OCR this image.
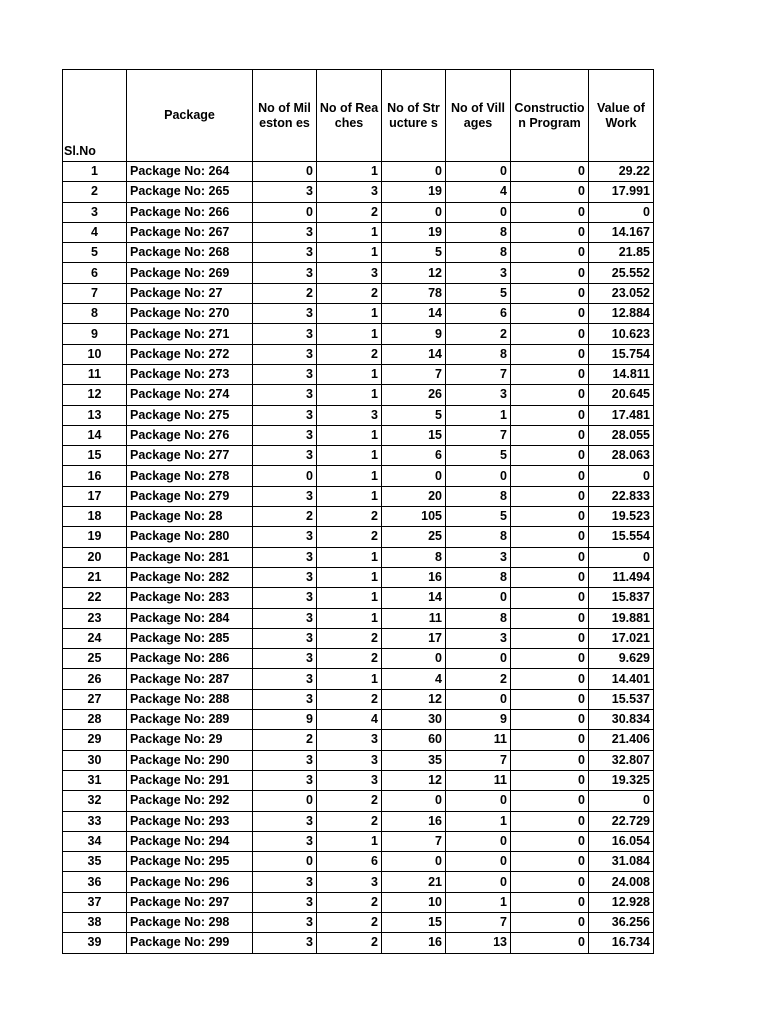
Sl.No	Package	No of Mileston es	No of Reaches	No of Structure s	No of Villages	Constructio n Program	Value of Work
1	Package No: 264	0	1	0	0	0	29.22
2	Package No: 265	3	3	19	4	0	17.991
3	Package No: 266	0	2	0	0	0	0
4	Package No: 267	3	1	19	8	0	14.167
5	Package No: 268	3	1	5	8	0	21.85
6	Package No: 269	3	3	12	3	0	25.552
7	Package No: 27	2	2	78	5	0	23.052
8	Package No: 270	3	1	14	6	0	12.884
9	Package No: 271	3	1	9	2	0	10.623
10	Package No: 272	3	2	14	8	0	15.754
11	Package No: 273	3	1	7	7	0	14.811
12	Package No: 274	3	1	26	3	0	20.645
13	Package No: 275	3	3	5	1	0	17.481
14	Package No: 276	3	1	15	7	0	28.055
15	Package No: 277	3	1	6	5	0	28.063
16	Package No: 278	0	1	0	0	0	0
17	Package No: 279	3	1	20	8	0	22.833
18	Package No: 28	2	2	105	5	0	19.523
19	Package No: 280	3	2	25	8	0	15.554
20	Package No: 281	3	1	8	3	0	0
21	Package No: 282	3	1	16	8	0	11.494
22	Package No: 283	3	1	14	0	0	15.837
23	Package No: 284	3	1	11	8	0	19.881
24	Package No: 285	3	2	17	3	0	17.021
25	Package No: 286	3	2	0	0	0	9.629
26	Package No: 287	3	1	4	2	0	14.401
27	Package No: 288	3	2	12	0	0	15.537
28	Package No: 289	9	4	30	9	0	30.834
29	Package No: 29	2	3	60	11	0	21.406
30	Package No: 290	3	3	35	7	0	32.807
31	Package No: 291	3	3	12	11	0	19.325
32	Package No: 292	0	2	0	0	0	0
33	Package No: 293	3	2	16	1	0	22.729
34	Package No: 294	3	1	7	0	0	16.054
35	Package No: 295	0	6	0	0	0	31.084
36	Package No: 296	3	3	21	0	0	24.008
37	Package No: 297	3	2	10	1	0	12.928
38	Package No: 298	3	2	15	7	0	36.256
39	Package No: 299	3	2	16	13	0	16.734
